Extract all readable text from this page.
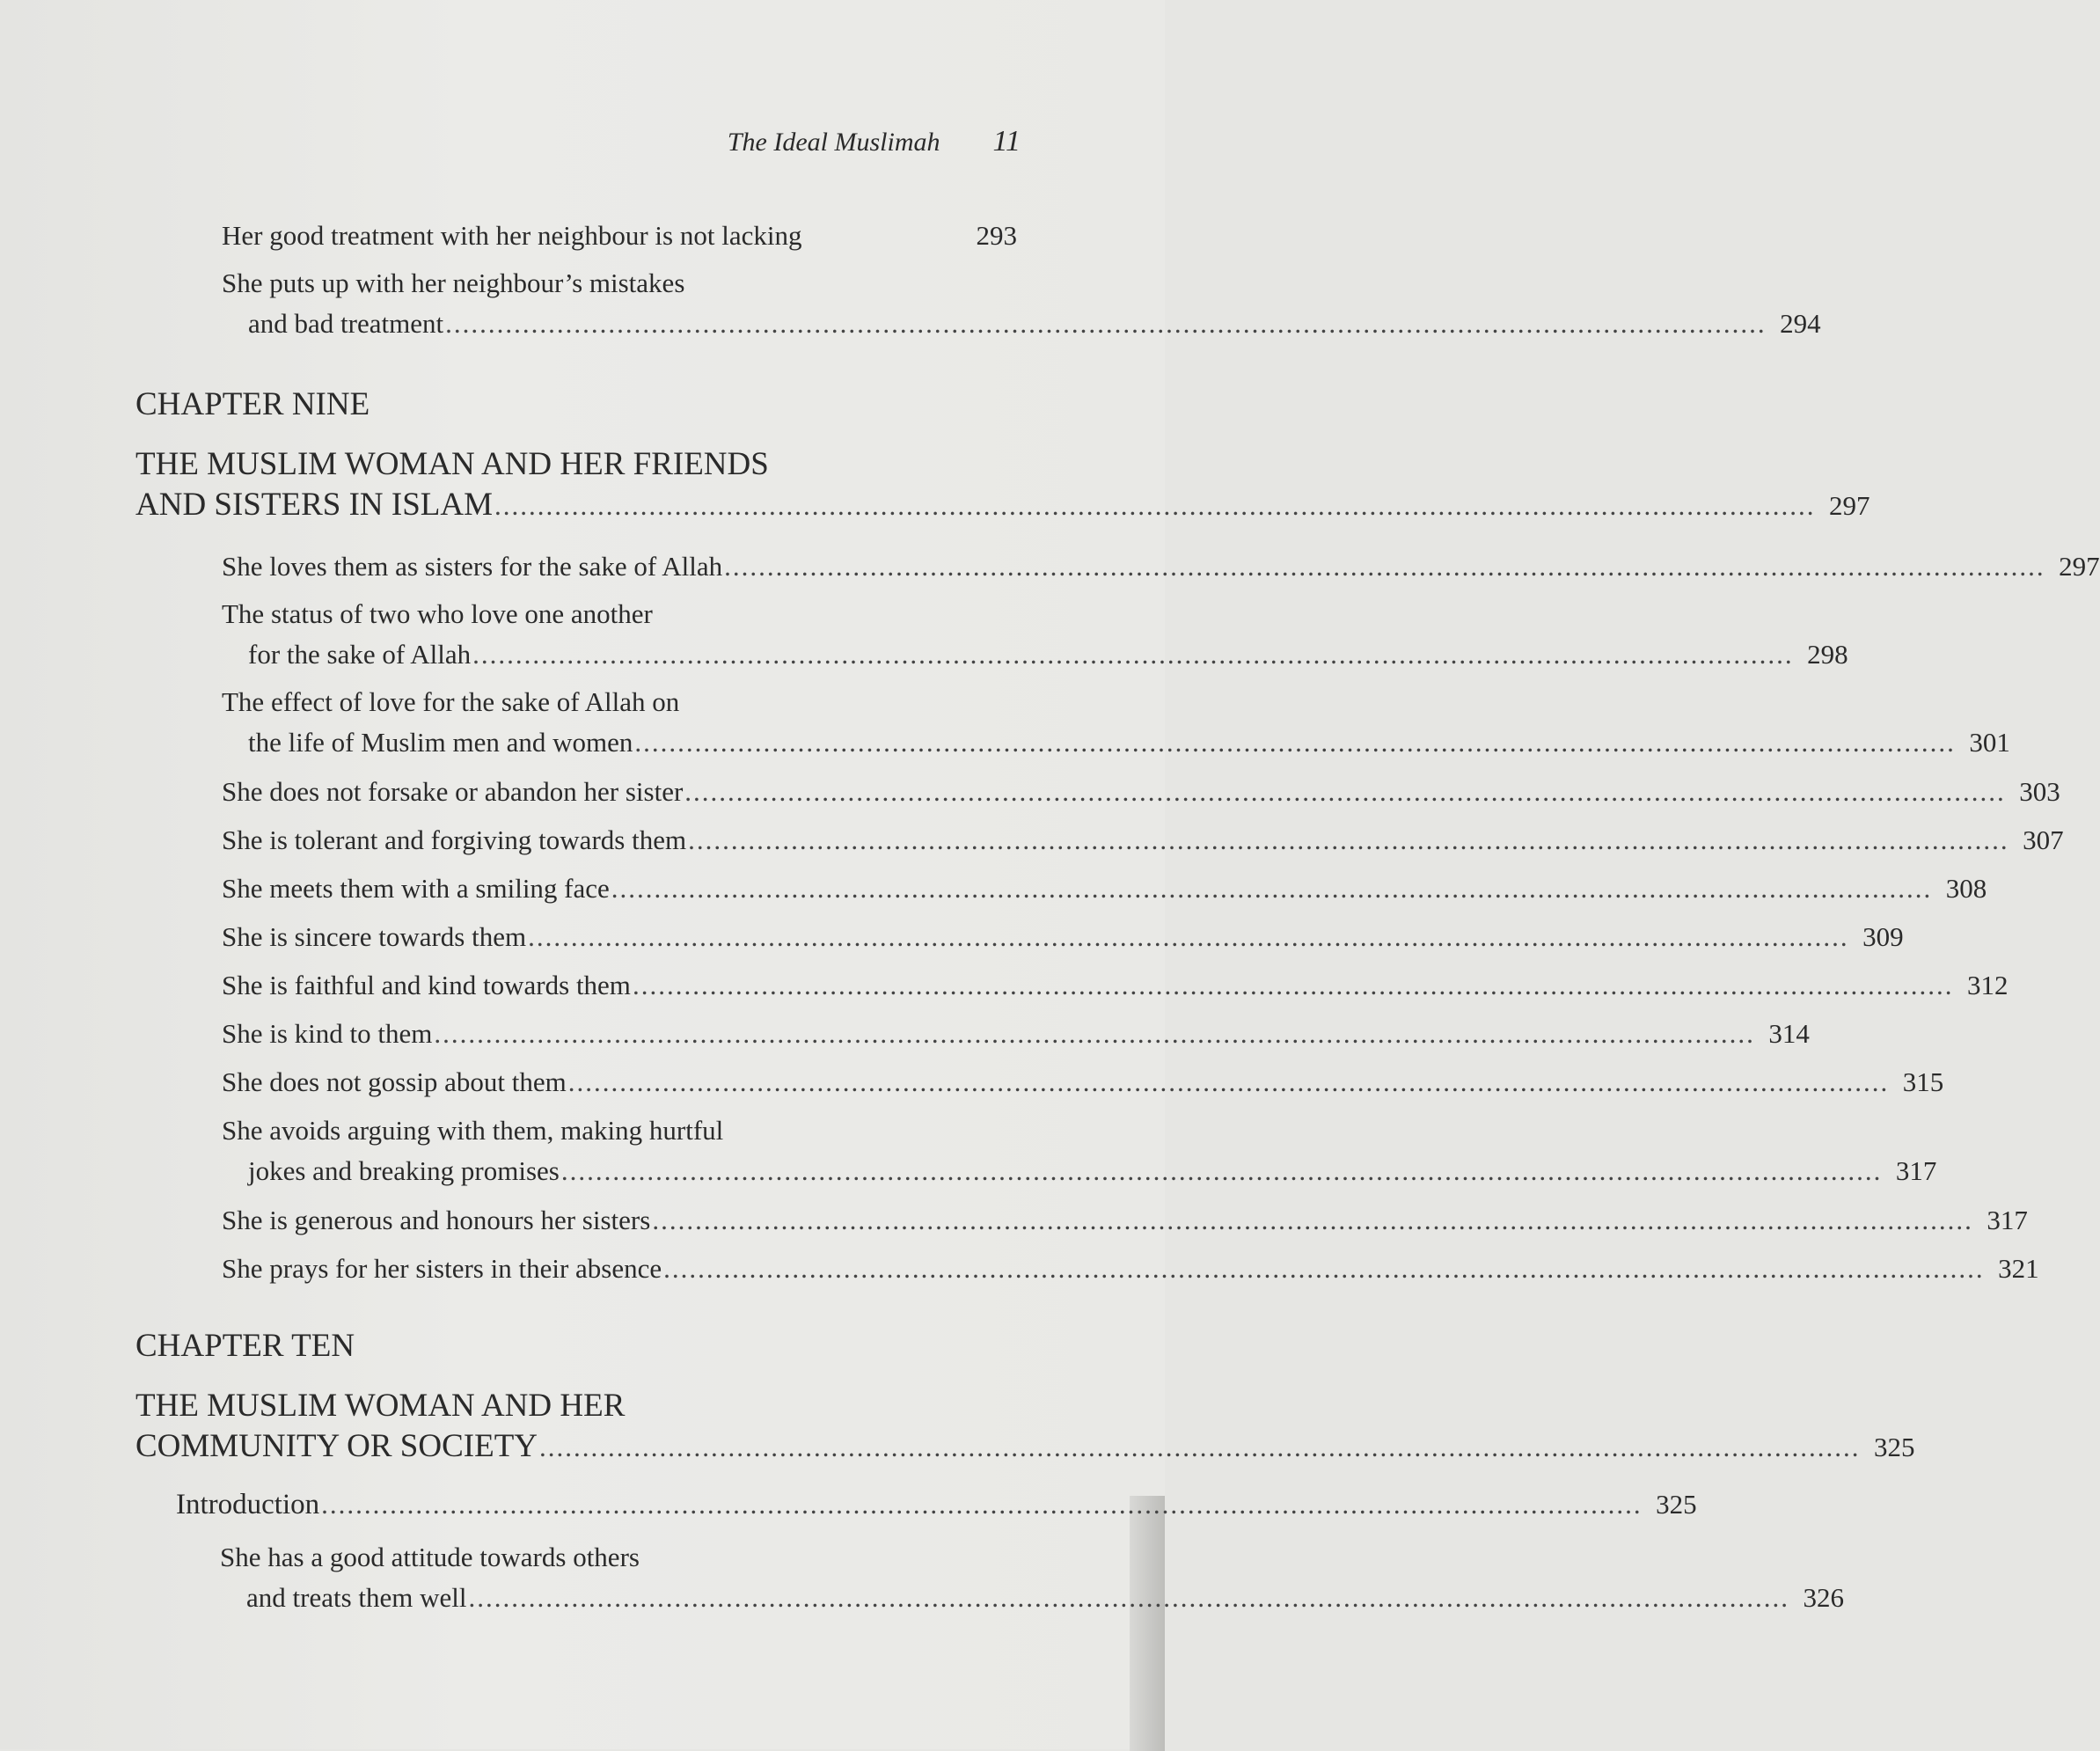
The Ideal Muslimah 11
Her good treatment with her neighbour is not lacking	293
She puts up with her neighbour’s mistakes
and bad treatment .......................................................................................................................................................... 294
CHAPTER NINE
THE MUSLIM WOMAN AND HER FRIENDS
AND SISTERS IN ISLAM .......................................................................................................................................................... 297
She loves them as sisters for the sake of Allah .......................................................................................................................................................... 297
The status of two who love one another
for the sake of Allah .......................................................................................................................................................... 298
The effect of love for the sake of Allah on
the life of Muslim men and women .......................................................................................................................................................... 301
She does not forsake or abandon her sister .......................................................................................................................................................... 303
She is tolerant and forgiving towards them .......................................................................................................................................................... 307
She meets them with a smiling face .......................................................................................................................................................... 308
She is sincere towards them .......................................................................................................................................................... 309
She is faithful and kind towards them .......................................................................................................................................................... 312
She is kind to them .......................................................................................................................................................... 314
She does not gossip about them .......................................................................................................................................................... 315
She avoids arguing with them, making hurtful
jokes and breaking promises .......................................................................................................................................................... 317
She is generous and honours her sisters .......................................................................................................................................................... 317
She prays for her sisters in their absence .......................................................................................................................................................... 321
CHAPTER TEN
THE MUSLIM WOMAN AND HER
COMMUNITY OR SOCIETY .......................................................................................................................................................... 325
Introduction .......................................................................................................................................................... 325
She has a good attitude towards others
and treats them well .......................................................................................................................................................... 326
